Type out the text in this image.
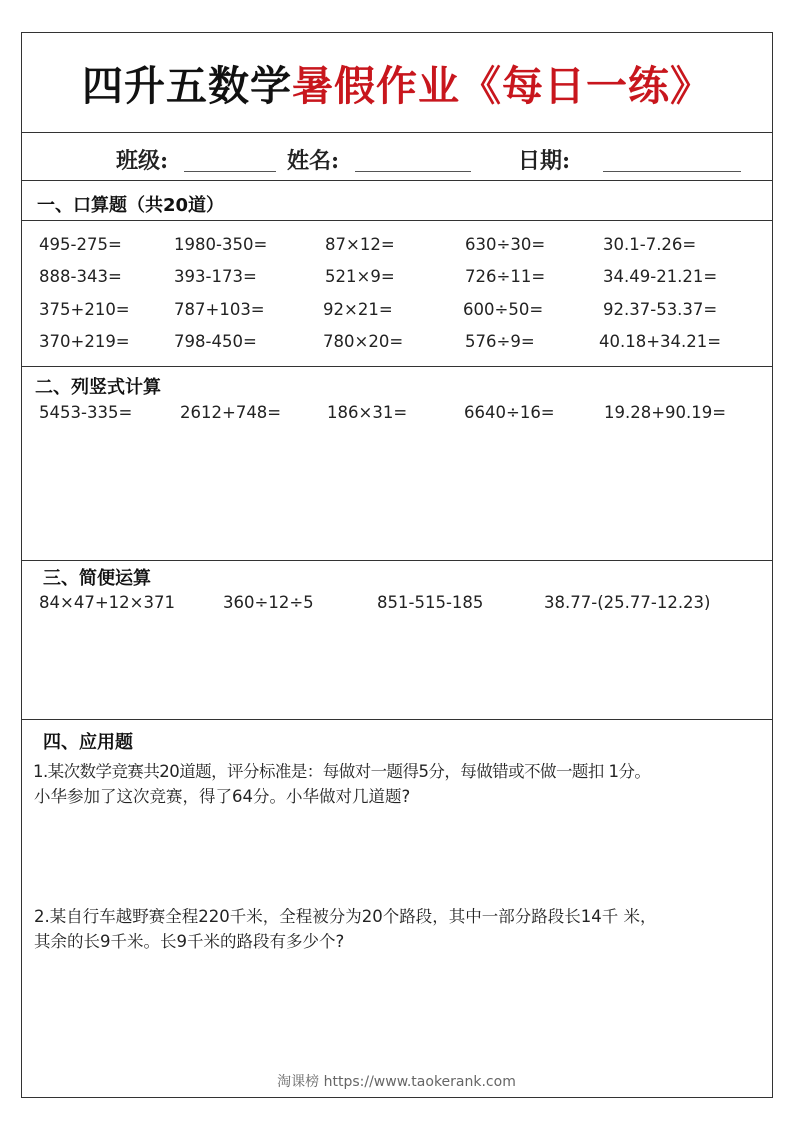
四升五数学 暑假作业《每日一练》
班级:	姓名:	日期:
一、口算题（共20道）
495-275=	1980-350=	87×12=	630÷30=	30.1-7.26=
888-343=	393-173=	521×9=	726÷11=	34.49-21.21=
375+210=	787+103=	92×21=	600÷50=	92.37-53.37=
370+219=	798-450=	780×20=	576÷9=	40.18+34.21=
二、列竖式计算
5453-335=	2612+748=	186×31=	6640÷16=	19.28+90.19=
三、简便运算
84×47+12×371	360÷12÷5	851-515-185	38.77-(25.77-12.23)
四、应用题
1.某次数学竞赛共20道题，评分标准是：每做对一题得5分，每做错或不做一题扣 1分。
小华参加了这次竞赛，得了64分。小华做对几道题?
2.某自行车越野赛全程220千米，全程被分为20个路段，其中一部分路段长14千 米，
其余的长9千米。长9千米的路段有多少个?
淘课榜 https://www.taokerank.com
